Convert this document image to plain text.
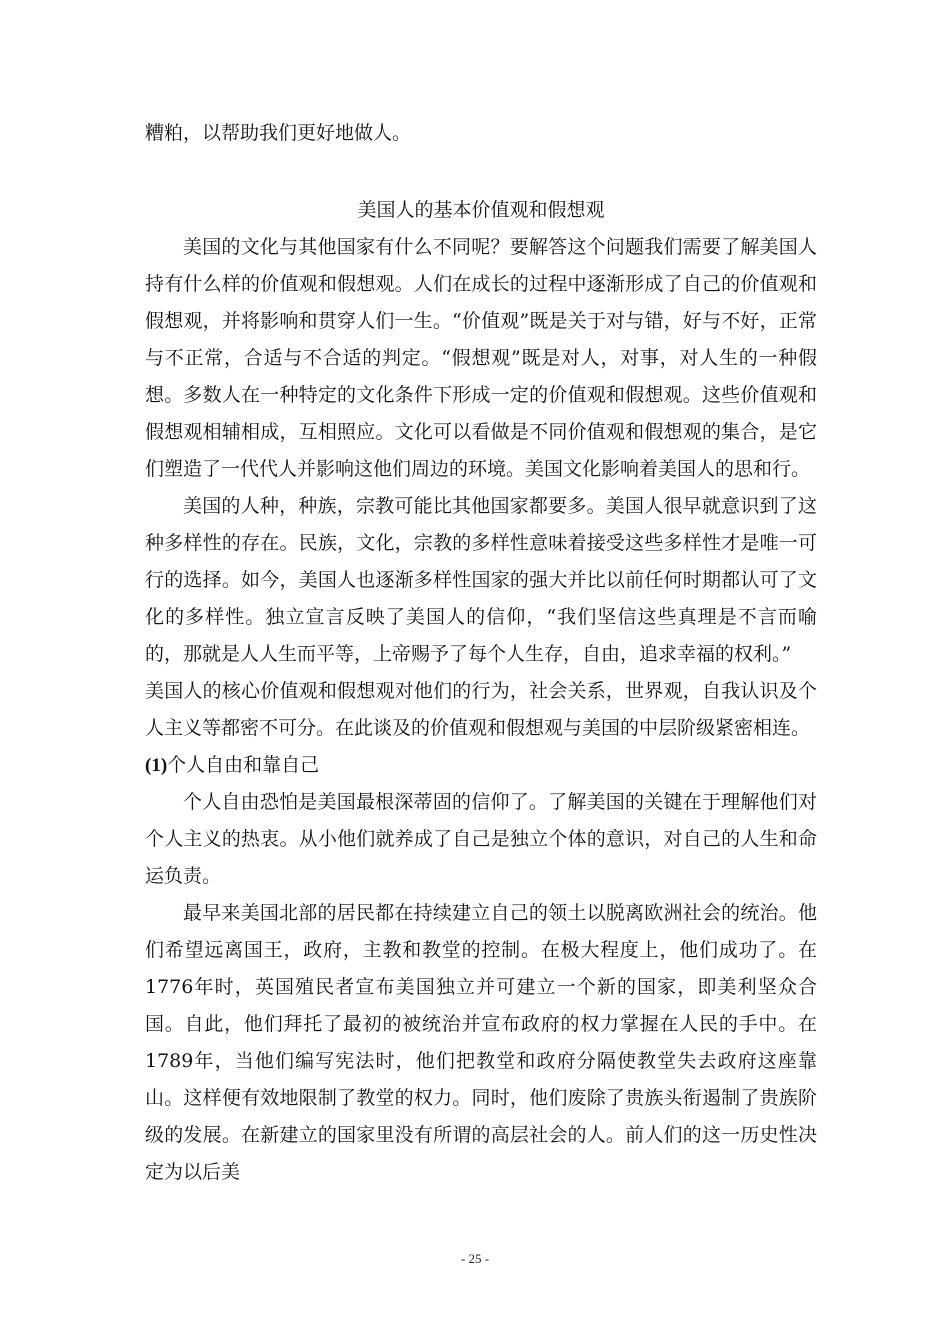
糟粕，以帮助我们更好地做人。
美国人的基本价值观和假想观

美国的文化与其他国家有什么不同呢？要解答这个问题我们需要了解美国人持有什么样的价值观和假想观。人们在成长的过程中逐渐形成了自己的价值观和假想观，并将影响和贯穿人们一生。“价值观”既是关于对与错，好与不好，正常与不正常，合适与不合适的判定。“假想观”既是对人，对事，对人生的一种假想。多数人在一种特定的文化条件下形成一定的价值观和假想观。这些价值观和假想观相辅相成，互相照应。文化可以看做是不同价值观和假想观的集合，是它们塑造了一代代人并影响这他们周边的环境。美国文化影响着美国人的思和行。

美国的人种，种族，宗教可能比其他国家都要多。美国人很早就意识到了这种多样性的存在。民族，文化，宗教的多样性意味着接受这些多样性才是唯一可行的选择。如今，美国人也逐渐多样性国家的强大并比以前任何时期都认可了文化的多样性。独立宣言反映了美国人的信仰，“我们坚信这些真理是不言而喻的，那就是人人生而平等，上帝赐予了每个人生存，自由，追求幸福的权利。”

美国人的核心价值观和假想观对他们的行为，社会关系，世界观，自我认识及个人主义等都密不可分。在此谈及的价值观和假想观与美国的中层阶级紧密相连。

(1)个人自由和靠自己

个人自由恐怕是美国最根深蒂固的信仰了。了解美国的关键在于理解他们对个人主义的热衷。从小他们就养成了自己是独立个体的意识，对自己的人生和命运负责。

最早来美国北部的居民都在持续建立自己的领土以脱离欧洲社会的统治。他们希望远离国王，政府，主教和教堂的控制。在极大程度上，他们成功了。在1776年时，英国殖民者宣布美国独立并可建立一个新的国家，即美利坚众合国。自此，他们拜托了最初的被统治并宣布政府的权力掌握在人民的手中。在 1789年，当他们编写宪法时，他们把教堂和政府分隔使教堂失去政府这座靠山。这样便有效地限制了教堂的权力。同时，他们废除了贵族头衔遏制了贵族阶级的发展。在新建立的国家里没有所谓的高层社会的人。前人们的这一历史性决定为以后美

- 25 -
